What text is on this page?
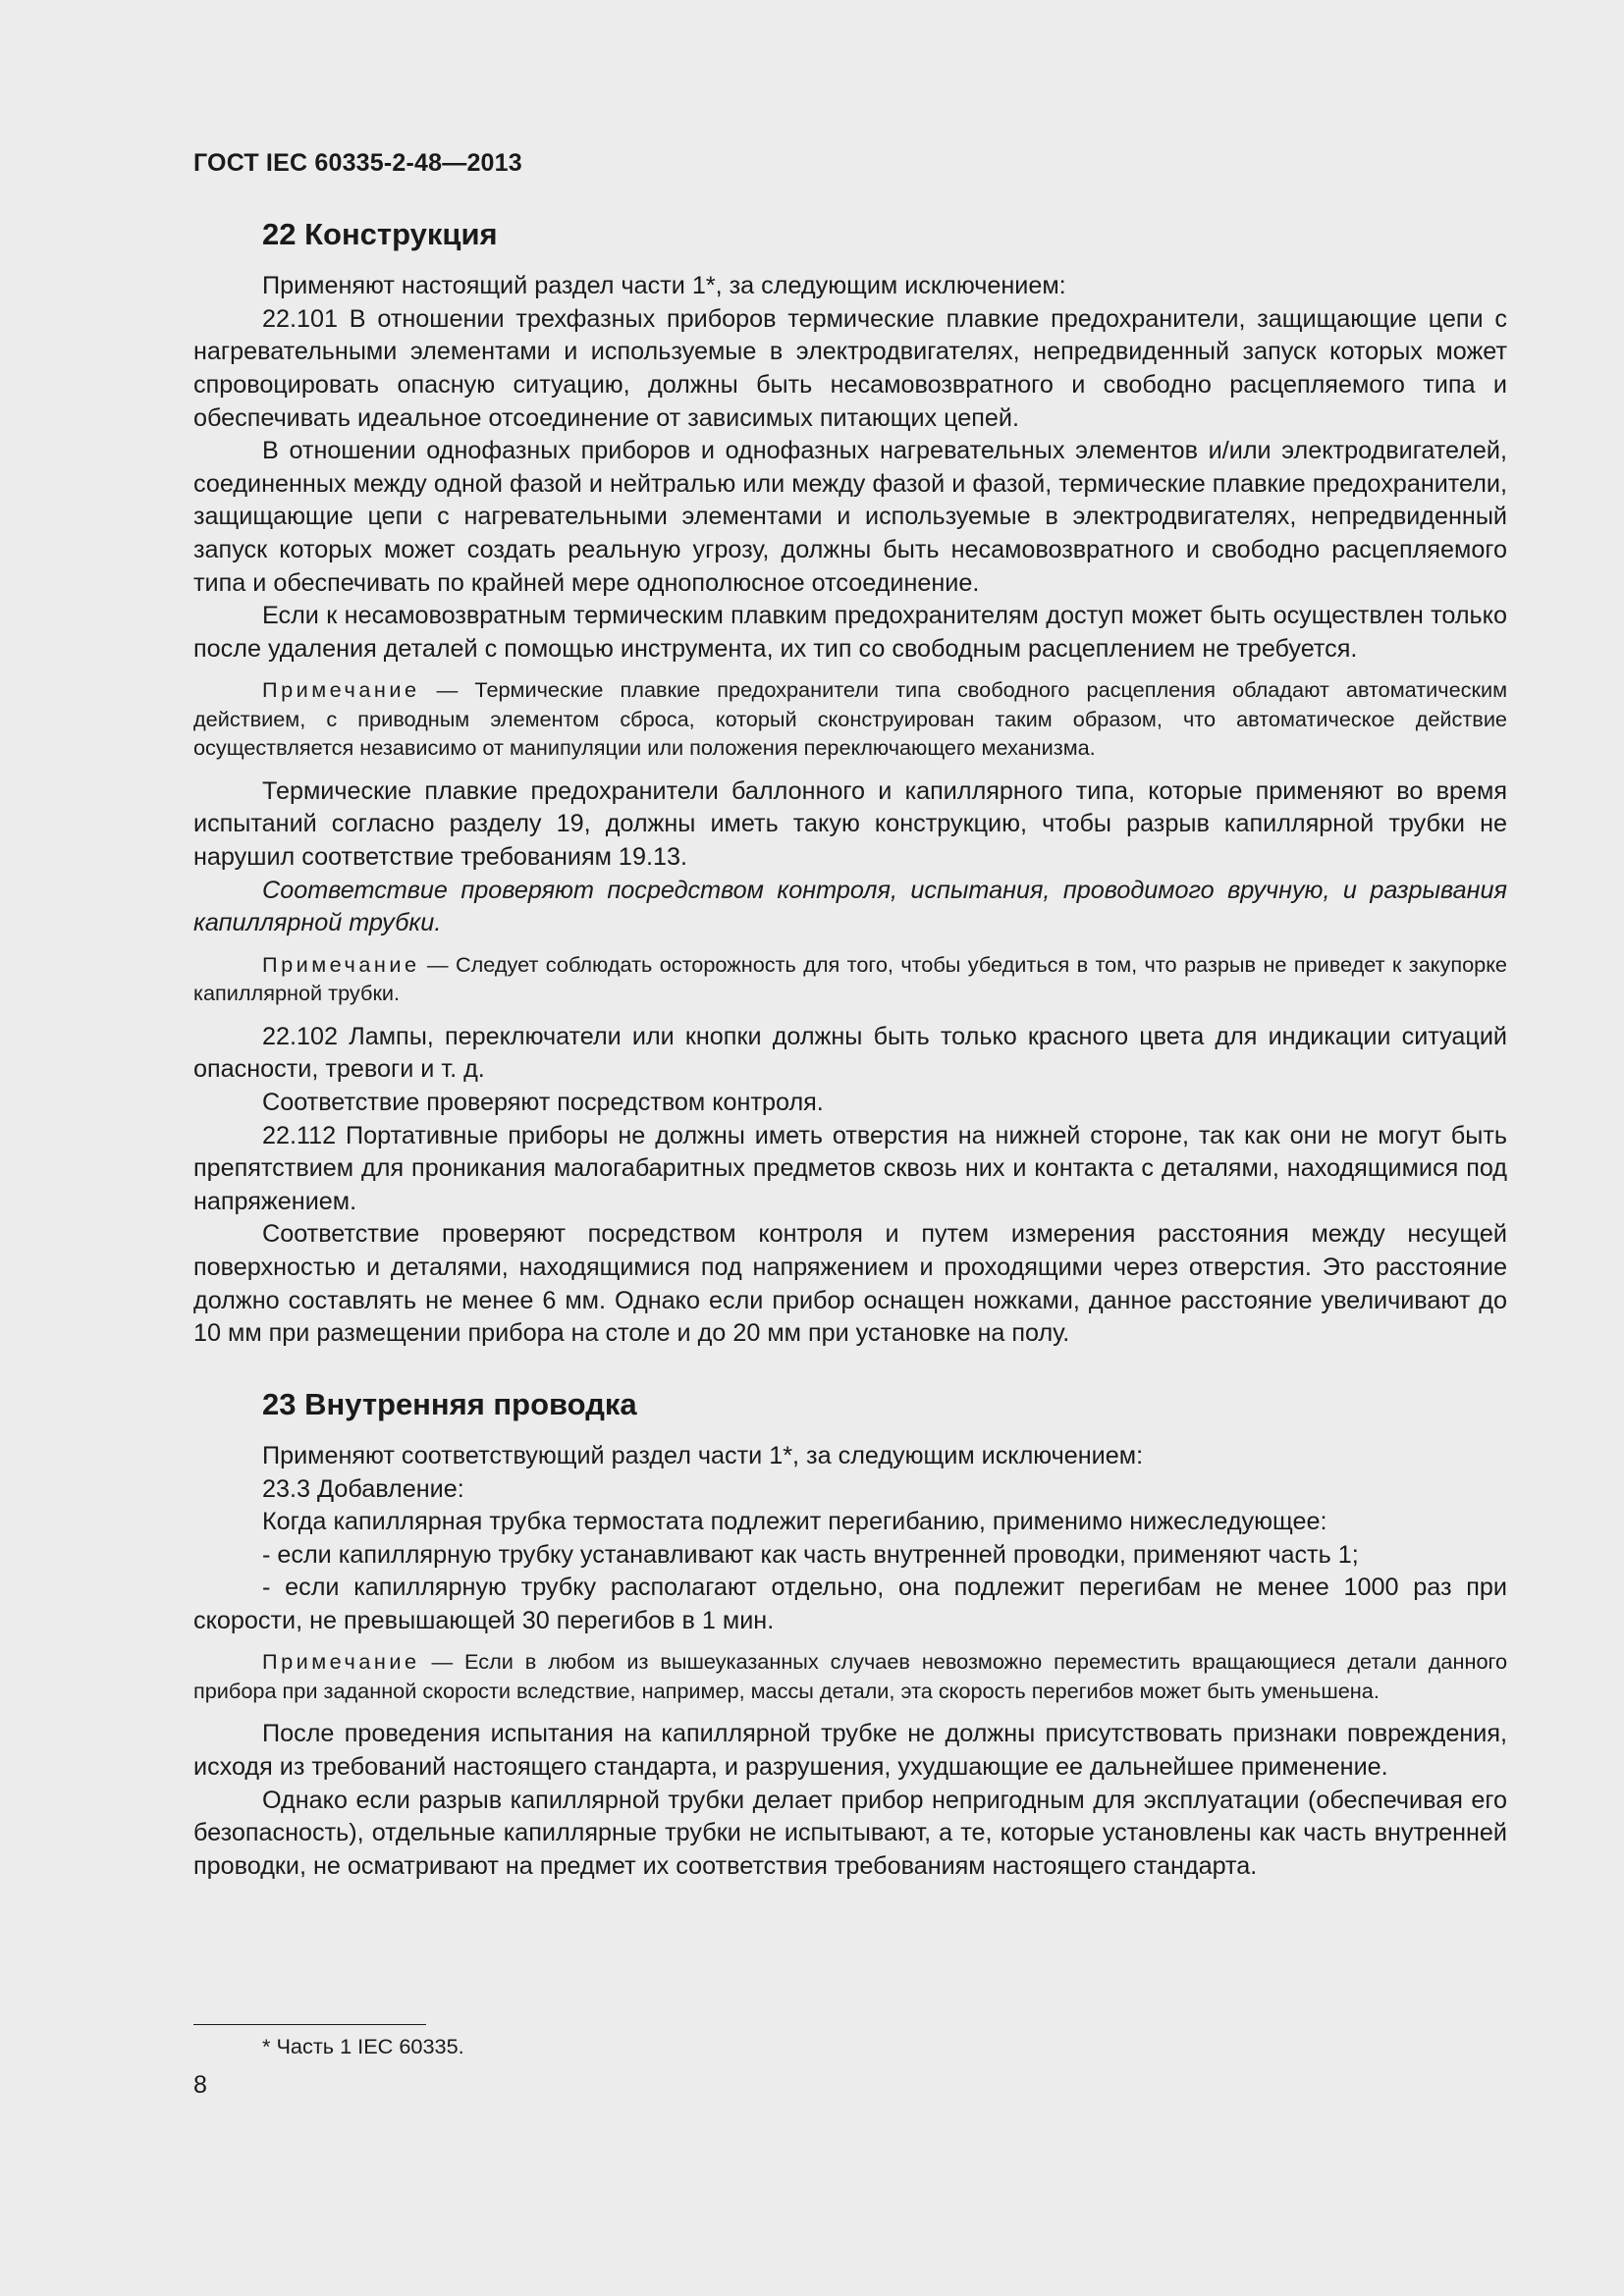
ГОСТ IEC 60335-2-48—2013
22 Конструкция

Применяют настоящий раздел части 1*, за следующим исключением:

22.101 В отношении трехфазных приборов термические плавкие предохранители, защищающие цепи с нагревательными элементами и используемые в электродвигателях, непредвиденный запуск которых может спровоцировать опасную ситуацию, должны быть несамовозвратного и свободно расцепляемого типа и обеспечивать идеальное отсоединение от зависимых питающих цепей.

В отношении однофазных приборов и однофазных нагревательных элементов и/или электродвигателей, соединенных между одной фазой и нейтралью или между фазой и фазой, термические плавкие предохранители, защищающие цепи с нагревательными элементами и используемые в электродвигателях, непредвиденный запуск которых может создать реальную угрозу, должны быть несамовозвратного и свободно расцепляемого типа и обеспечивать по крайней мере однополюсное отсоединение.

Если к несамовозвратным термическим плавким предохранителям доступ может быть осуществлен только после удаления деталей с помощью инструмента, их тип со свободным расцеплением не требуется.

Примечание — Термические плавкие предохранители типа свободного расцепления обладают автоматическим действием, с приводным элементом сброса, который сконструирован таким образом, что автоматическое действие осуществляется независимо от манипуляции или положения переключающего механизма.

Термические плавкие предохранители баллонного и капиллярного типа, которые применяют во время испытаний согласно разделу 19, должны иметь такую конструкцию, чтобы разрыв капиллярной трубки не нарушил соответствие требованиям 19.13.

Соответствие проверяют посредством контроля, испытания, проводимого вручную, и разрывания капиллярной трубки.

Примечание — Следует соблюдать осторожность для того, чтобы убедиться в том, что разрыв не приведет к закупорке капиллярной трубки.

22.102 Лампы, переключатели или кнопки должны быть только красного цвета для индикации ситуаций опасности, тревоги и т. д.

Соответствие проверяют посредством контроля.

22.112 Портативные приборы не должны иметь отверстия на нижней стороне, так как они не могут быть препятствием для проникания малогабаритных предметов сквозь них и контакта с деталями, находящимися под напряжением.

Соответствие проверяют посредством контроля и путем измерения расстояния между несущей поверхностью и деталями, находящимися под напряжением и проходящими через отверстия. Это расстояние должно составлять не менее 6 мм. Однако если прибор оснащен ножками, данное расстояние увеличивают до 10 мм при размещении прибора на столе и до 20 мм при установке на полу.

23 Внутренняя проводка

Применяют соответствующий раздел части 1*, за следующим исключением:

23.3 Добавление:

Когда капиллярная трубка термостата подлежит перегибанию, применимо нижеследующее:

- если капиллярную трубку устанавливают как часть внутренней проводки, применяют часть 1;

- если капиллярную трубку располагают отдельно, она подлежит перегибам не менее 1000 раз при скорости, не превышающей 30 перегибов в 1 мин.

Примечание — Если в любом из вышеуказанных случаев невозможно переместить вращающиеся детали данного прибора при заданной скорости вследствие, например, массы детали, эта скорость перегибов может быть уменьшена.

После проведения испытания на капиллярной трубке не должны присутствовать признаки повреждения, исходя из требований настоящего стандарта, и разрушения, ухудшающие ее дальнейшее применение.

Однако если разрыв капиллярной трубки делает прибор непригодным для эксплуатации (обеспечивая его безопасность), отдельные капиллярные трубки не испытывают, а те, которые установлены как часть внутренней проводки, не осматривают на предмет их соответствия требованиям настоящего стандарта.

* Часть 1 IEC 60335.
8
